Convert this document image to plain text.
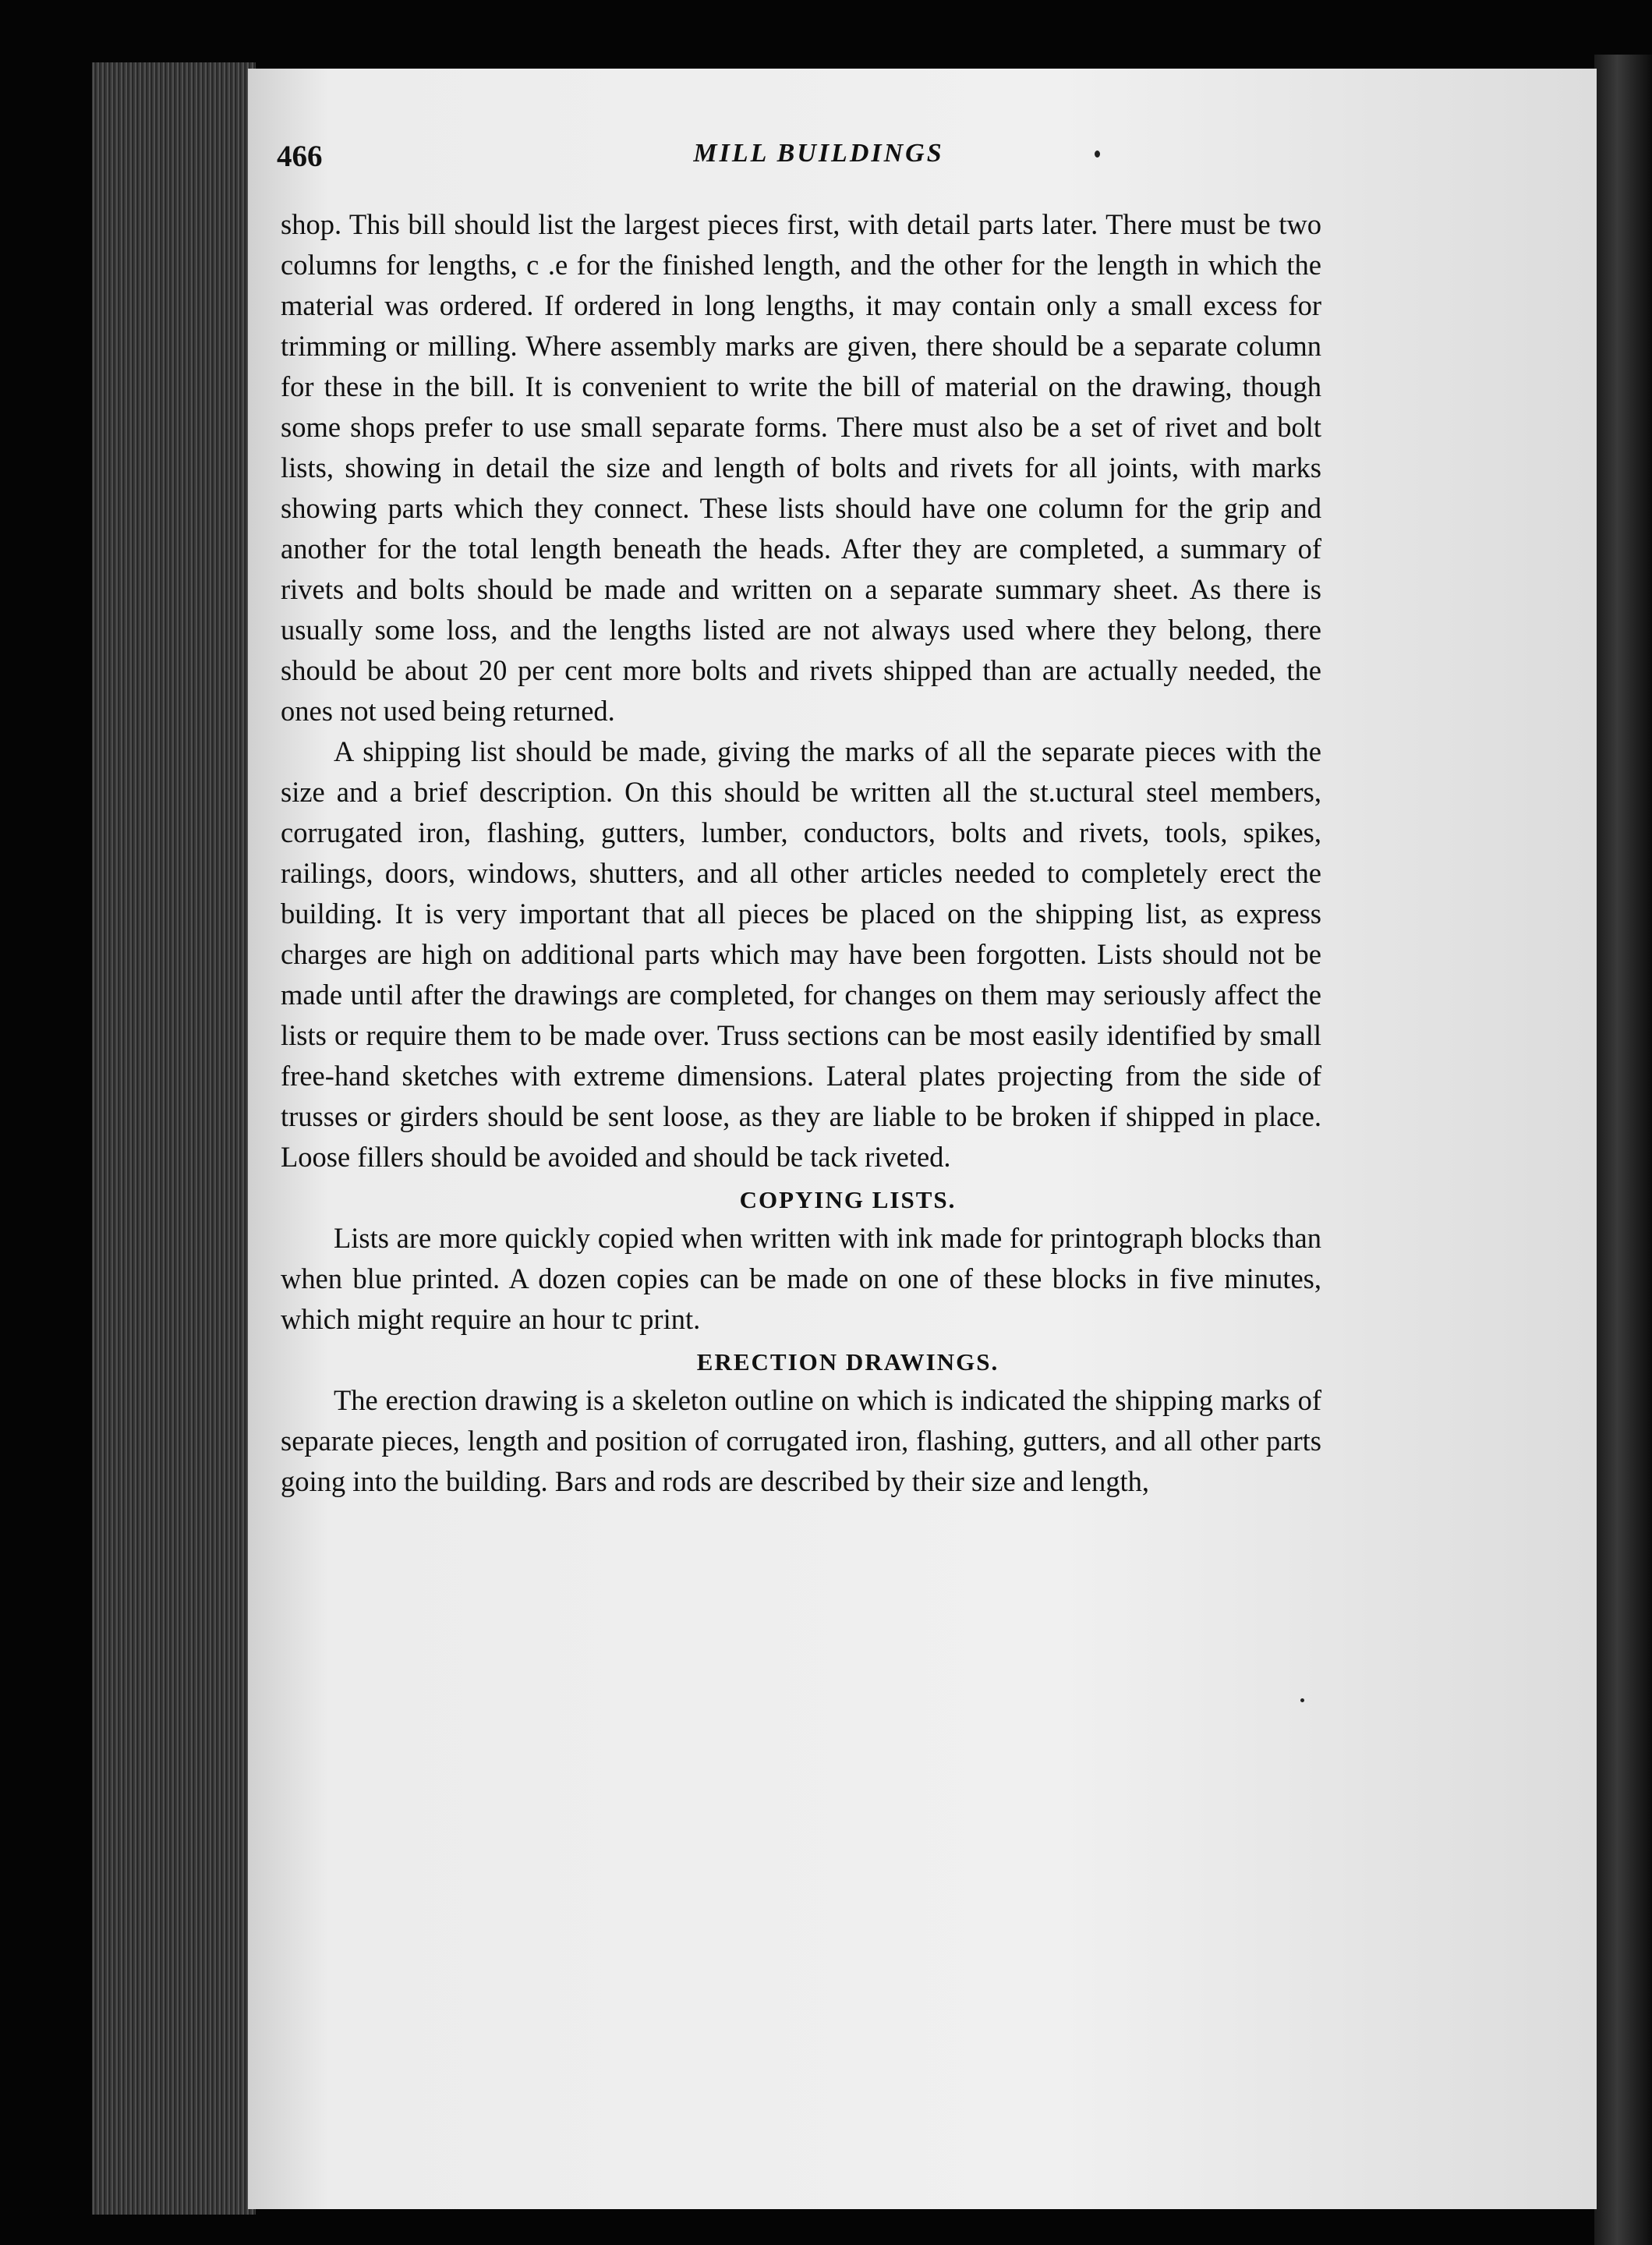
466	MILL BUILDINGS

shop. This bill should list the largest pieces first, with detail parts later. There must be two columns for lengths, c .e for the finished length, and the other for the length in which the material was ordered. If ordered in long lengths, it may contain only a small excess for trimming or milling. Where assembly marks are given, there should be a separate column for these in the bill. It is convenient to write the bill of material on the drawing, though some shops prefer to use small separate forms. There must also be a set of rivet and bolt lists, showing in detail the size and length of bolts and rivets for all joints, with marks showing parts which they connect. These lists should have one column for the grip and another for the total length beneath the heads. After they are completed, a summary of rivets and bolts should be made and written on a separate summary sheet. As there is usually some loss, and the lengths listed are not always used where they belong, there should be about 20 per cent more bolts and rivets shipped than are actually needed, the ones not used being returned.

A shipping list should be made, giving the marks of all the separate pieces with the size and a brief description. On this should be written all the st.uctural steel members, corrugated iron, flashing, gutters, lumber, conductors, bolts and rivets, tools, spikes, railings, doors, windows, shutters, and all other articles needed to completely erect the building. It is very important that all pieces be placed on the shipping list, as express charges are high on additional parts which may have been forgotten. Lists should not be made until after the drawings are completed, for changes on them may seriously affect the lists or require them to be made over. Truss sections can be most easily identified by small free-hand sketches with extreme dimensions. Lateral plates projecting from the side of trusses or girders should be sent loose, as they are liable to be broken if shipped in place. Loose fillers should be avoided and should be tack riveted.

COPYING LISTS.

Lists are more quickly copied when written with ink made for printograph blocks than when blue printed. A dozen copies can be made on one of these blocks in five minutes, which might require an hour tc print.

ERECTION DRAWINGS.

The erection drawing is a skeleton outline on which is indicated the shipping marks of separate pieces, length and position of corrugated iron, flashing, gutters, and all other parts going into the building. Bars and rods are described by their size and length,
